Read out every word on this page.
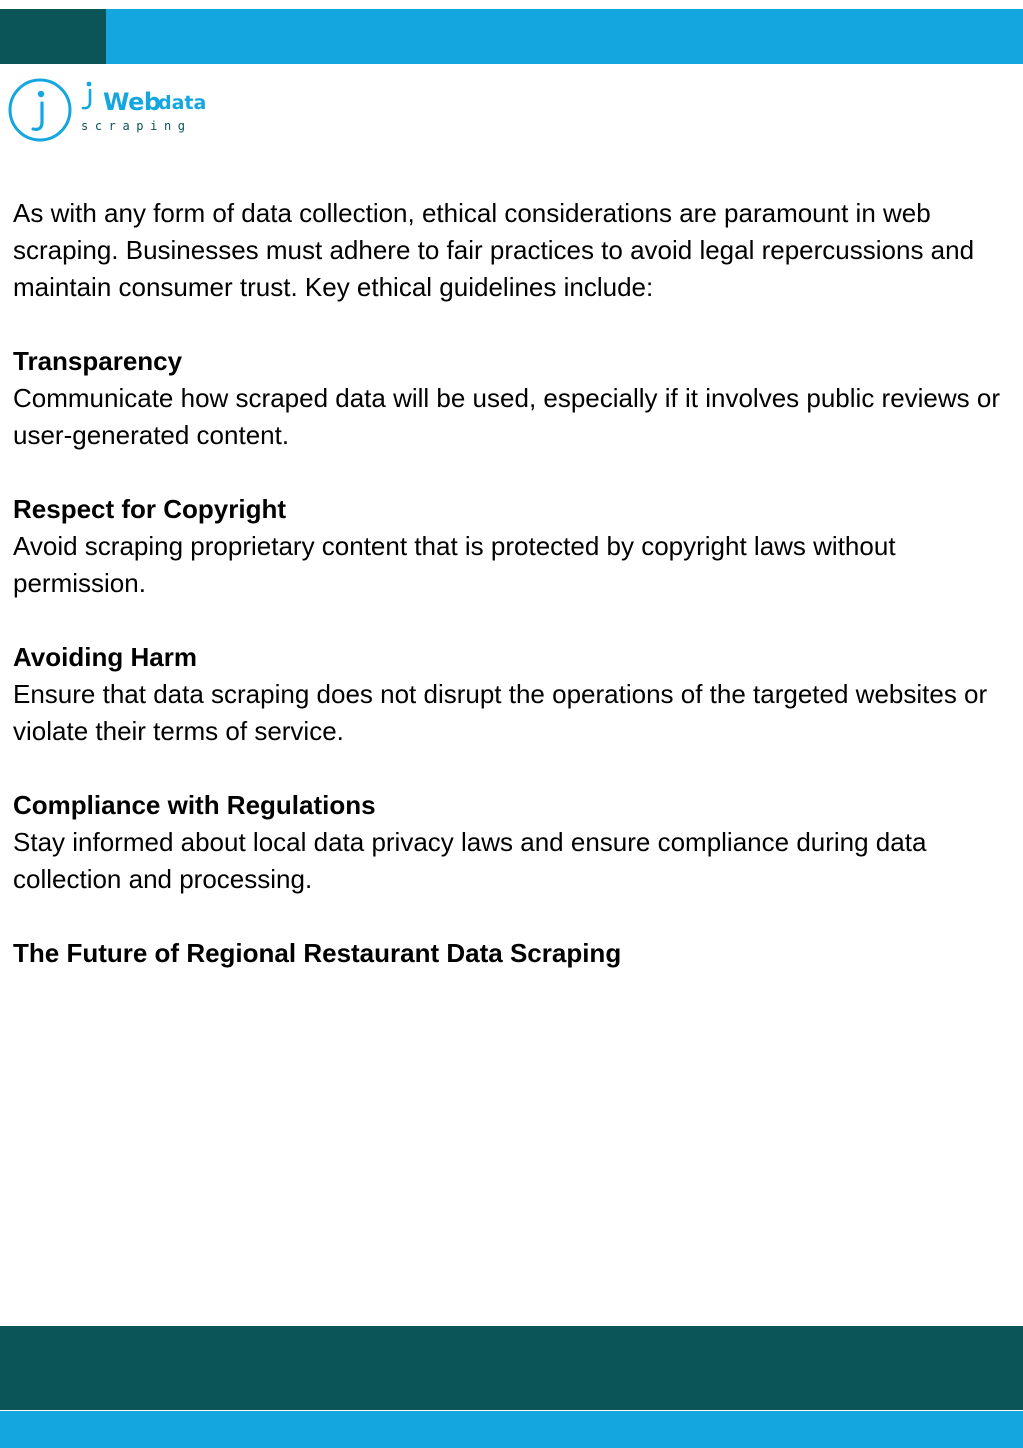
Web
data
scraping

As with any form of data collection, ethical considerations are paramount in web scraping. Businesses must adhere to fair practices to avoid legal repercussions and maintain consumer trust. Key ethical guidelines include:

Transparency

Communicate how scraped data will be used, especially if it involves public reviews or user-generated content.

Respect for Copyright

Avoid scraping proprietary content that is protected by copyright laws without permission.

Avoiding Harm

Ensure that data scraping does not disrupt the operations of the targeted websites or violate their terms of service.

Compliance with Regulations

Stay informed about local data privacy laws and ensure compliance during data collection and processing.

The Future of Regional Restaurant Data Scraping
